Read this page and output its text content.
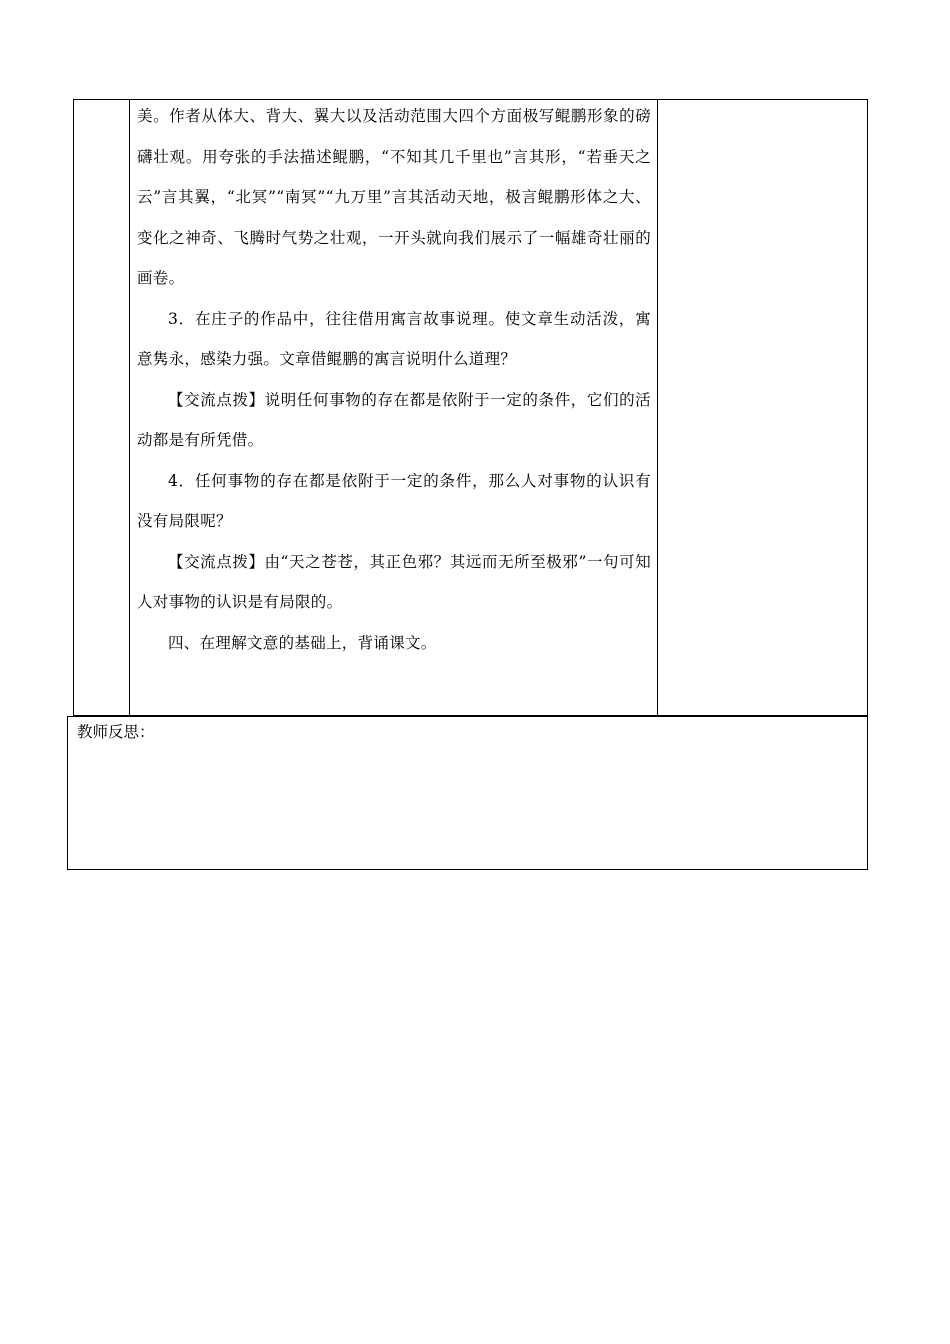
美。作者从体大、背大、翼大以及活动范围大四个方面极写鲲鹏形象的磅礴壮观。用夸张的手法描述鲲鹏，“不知其几千里也”言其形，“若垂天之云”言其翼，“北冥”“南冥”“九万里”言其活动天地，极言鲲鹏形体之大、变化之神奇、飞腾时气势之壮观，一开头就向我们展示了一幅雄奇壮丽的画卷。

3．在庄子的作品中，往往借用寓言故事说理。使文章生动活泼，寓意隽永，感染力强。文章借鲲鹏的寓言说明什么道理？

【交流点拨】说明任何事物的存在都是依附于一定的条件，它们的活动都是有所凭借。

4．任何事物的存在都是依附于一定的条件，那么人对事物的认识有没有局限呢？

【交流点拨】由“天之苍苍，其正色邪？其远而无所至极邪”一句可知人对事物的认识是有局限的。

四、在理解文意的基础上，背诵课文。

教师反思：
